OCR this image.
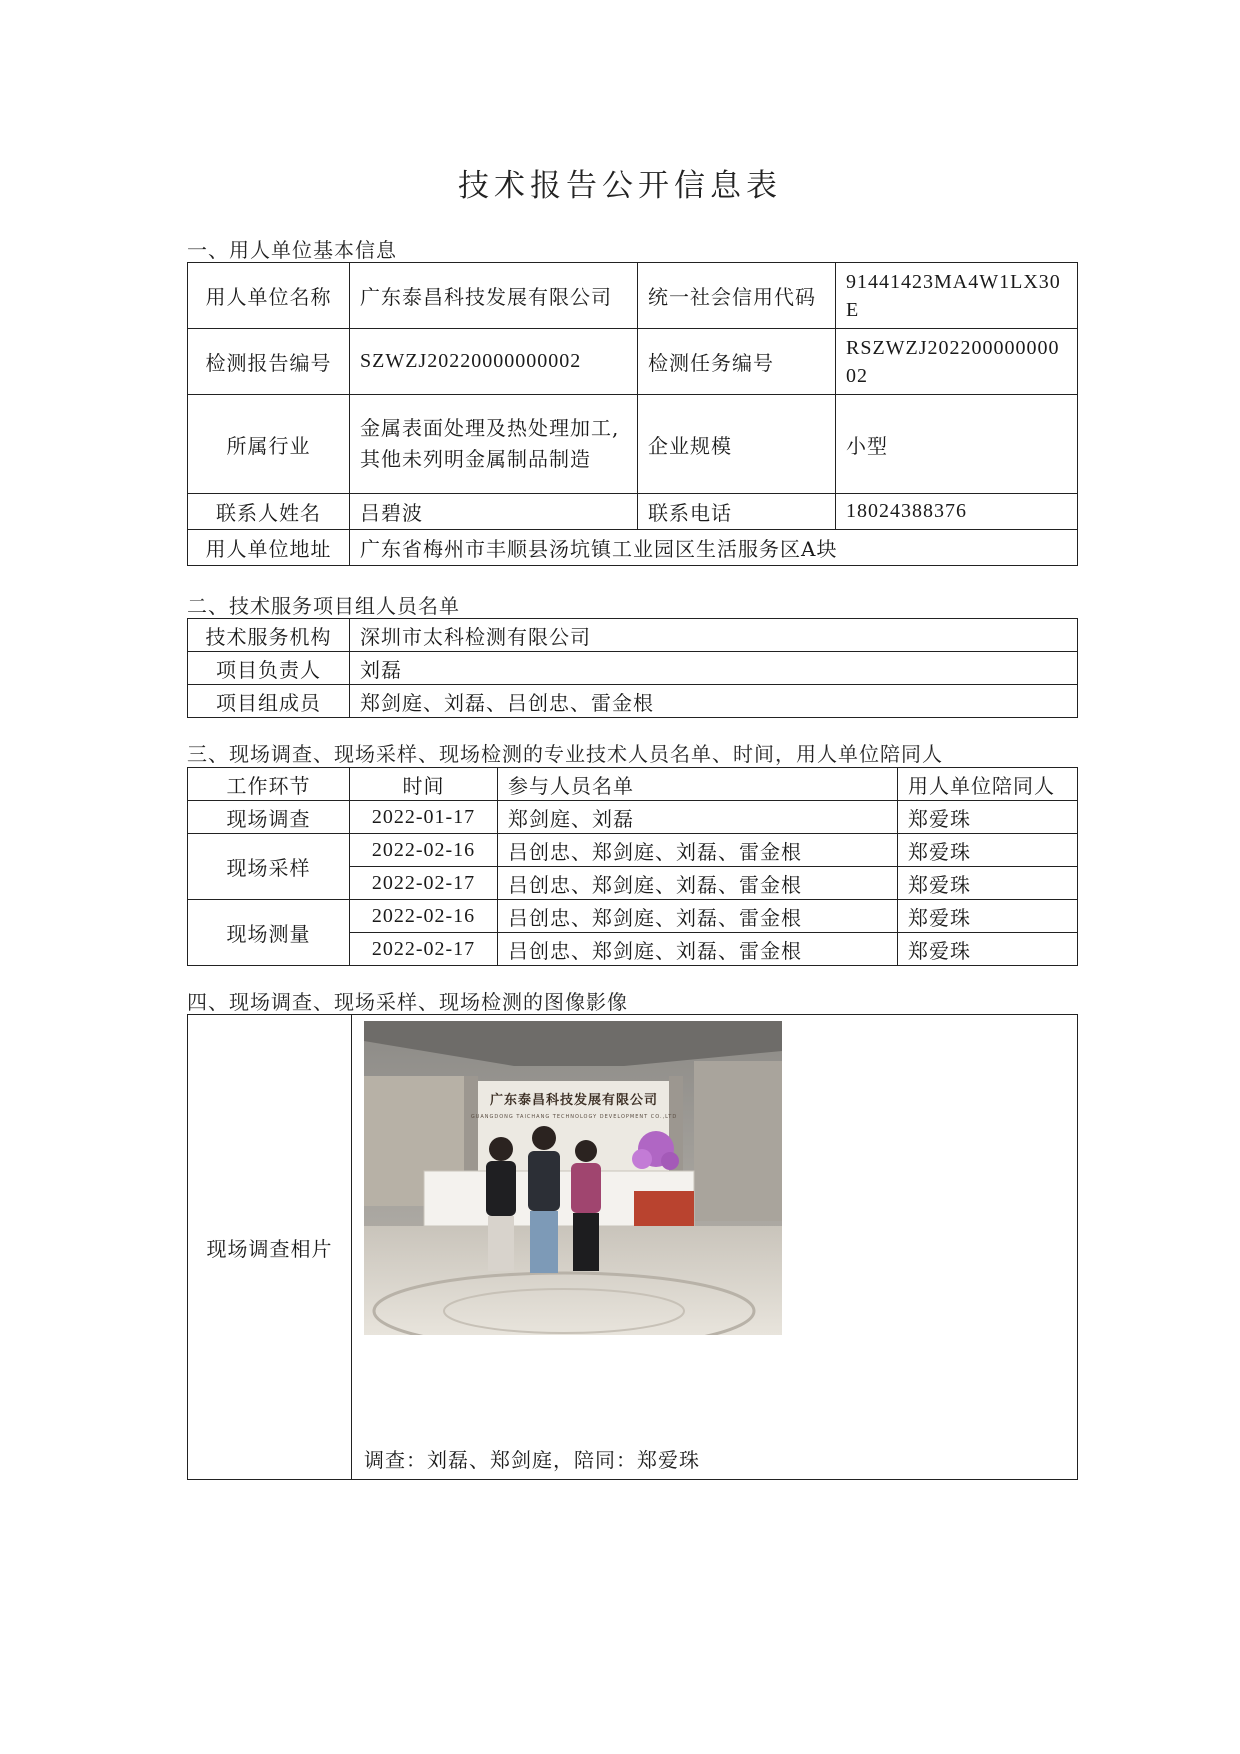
技术报告公开信息表
一、用人单位基本信息
用人单位名称	广东泰昌科技发展有限公司	统一社会信用代码	91441423MA4W1LX30E
检测报告编号	SZWZJ20220000000002	检测任务编号	RSZWZJ20220000000002
所属行业	金属表面处理及热处理加工,其他未列明金属制品制造	企业规模	小型
联系人姓名	吕碧波	联系电话	18024388376
用人单位地址	广东省梅州市丰顺县汤坑镇工业园区生活服务区A块		
二、技术服务项目组人员名单
技术服务机构	深圳市太科检测有限公司
项目负责人	刘磊
项目组成员	郑剑庭、刘磊、吕创忠、雷金根
三、现场调查、现场采样、现场检测的专业技术人员名单、时间，用人单位陪同人
工作环节	时间	参与人员名单	用人单位陪同人
现场调查	2022-01-17	郑剑庭、刘磊	郑爱珠
现场采样	2022-02-16	吕创忠、郑剑庭、刘磊、雷金根	郑爱珠
	2022-02-17	吕创忠、郑剑庭、刘磊、雷金根	郑爱珠
现场测量	2022-02-16	吕创忠、郑剑庭、刘磊、雷金根	郑爱珠
	2022-02-17	吕创忠、郑剑庭、刘磊、雷金根	郑爱珠
四、现场调查、现场采样、现场检测的图像影像
现场调查相片	
广东泰昌科技发展有限公司
GUANGDONG TAICHANG TECHNOLOGY DEVELOPMENT CO.,LTD
调查：刘磊、郑剑庭，陪同：郑爱珠
